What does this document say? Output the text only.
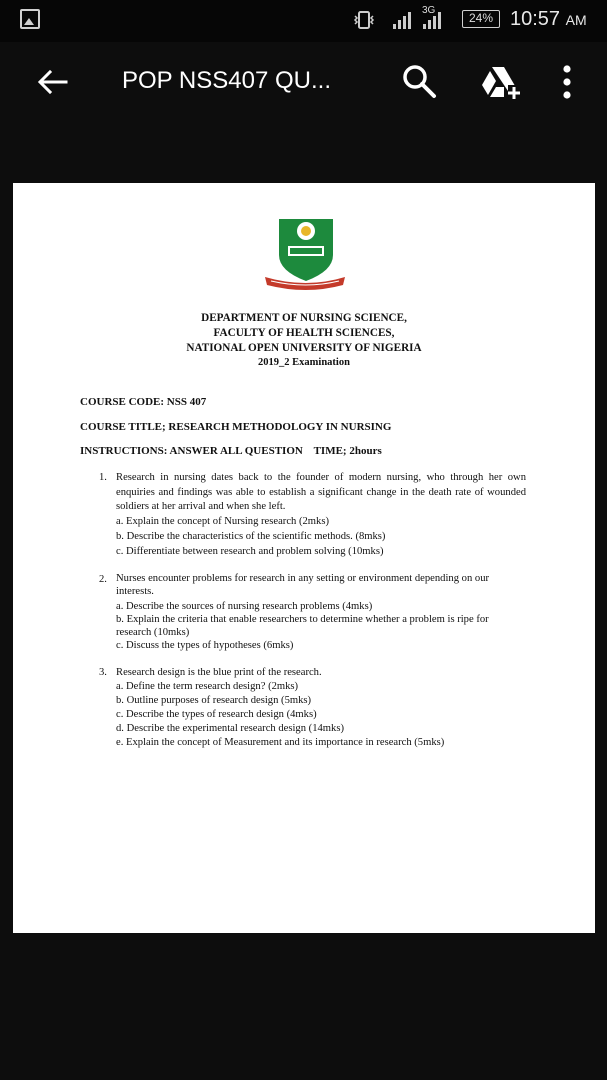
3G
24% 10:57 AM
POP NSS407 QU...
DEPARTMENT OF NURSING SCIENCE,
FACULTY OF HEALTH SCIENCES,
NATIONAL OPEN UNIVERSITY OF NIGERIA
2019_2 Examination
COURSE CODE: NSS 407
COURSE TITLE; RESEARCH METHODOLOGY IN NURSING
INSTRUCTIONS: ANSWER ALL QUESTION TIME; 2hours
1. Research in nursing dates back to the founder of modern nursing, who through her own enquiries and findings was able to establish a significant change in the death rate of wounded soldiers at her arrival and when she left.
a. Explain the concept of Nursing research (2mks)
b. Describe the characteristics of the scientific methods. (8mks)
c. Differentiate between research and problem solving (10mks)
2. Nurses encounter problems for research in any setting or environment depending on our interests.
a. Describe the sources of nursing research problems (4mks)
b. Explain the criteria that enable researchers to determine whether a problem is ripe for research (10mks)
c. Discuss the types of hypotheses (6mks)
3. Research design is the blue print of the research.
a. Define the term research design? (2mks)
b. Outline purposes of research design (5mks)
c. Describe the types of research design (4mks)
d. Describe the experimental research design (14mks)
e. Explain the concept of Measurement and its importance in research (5mks)
